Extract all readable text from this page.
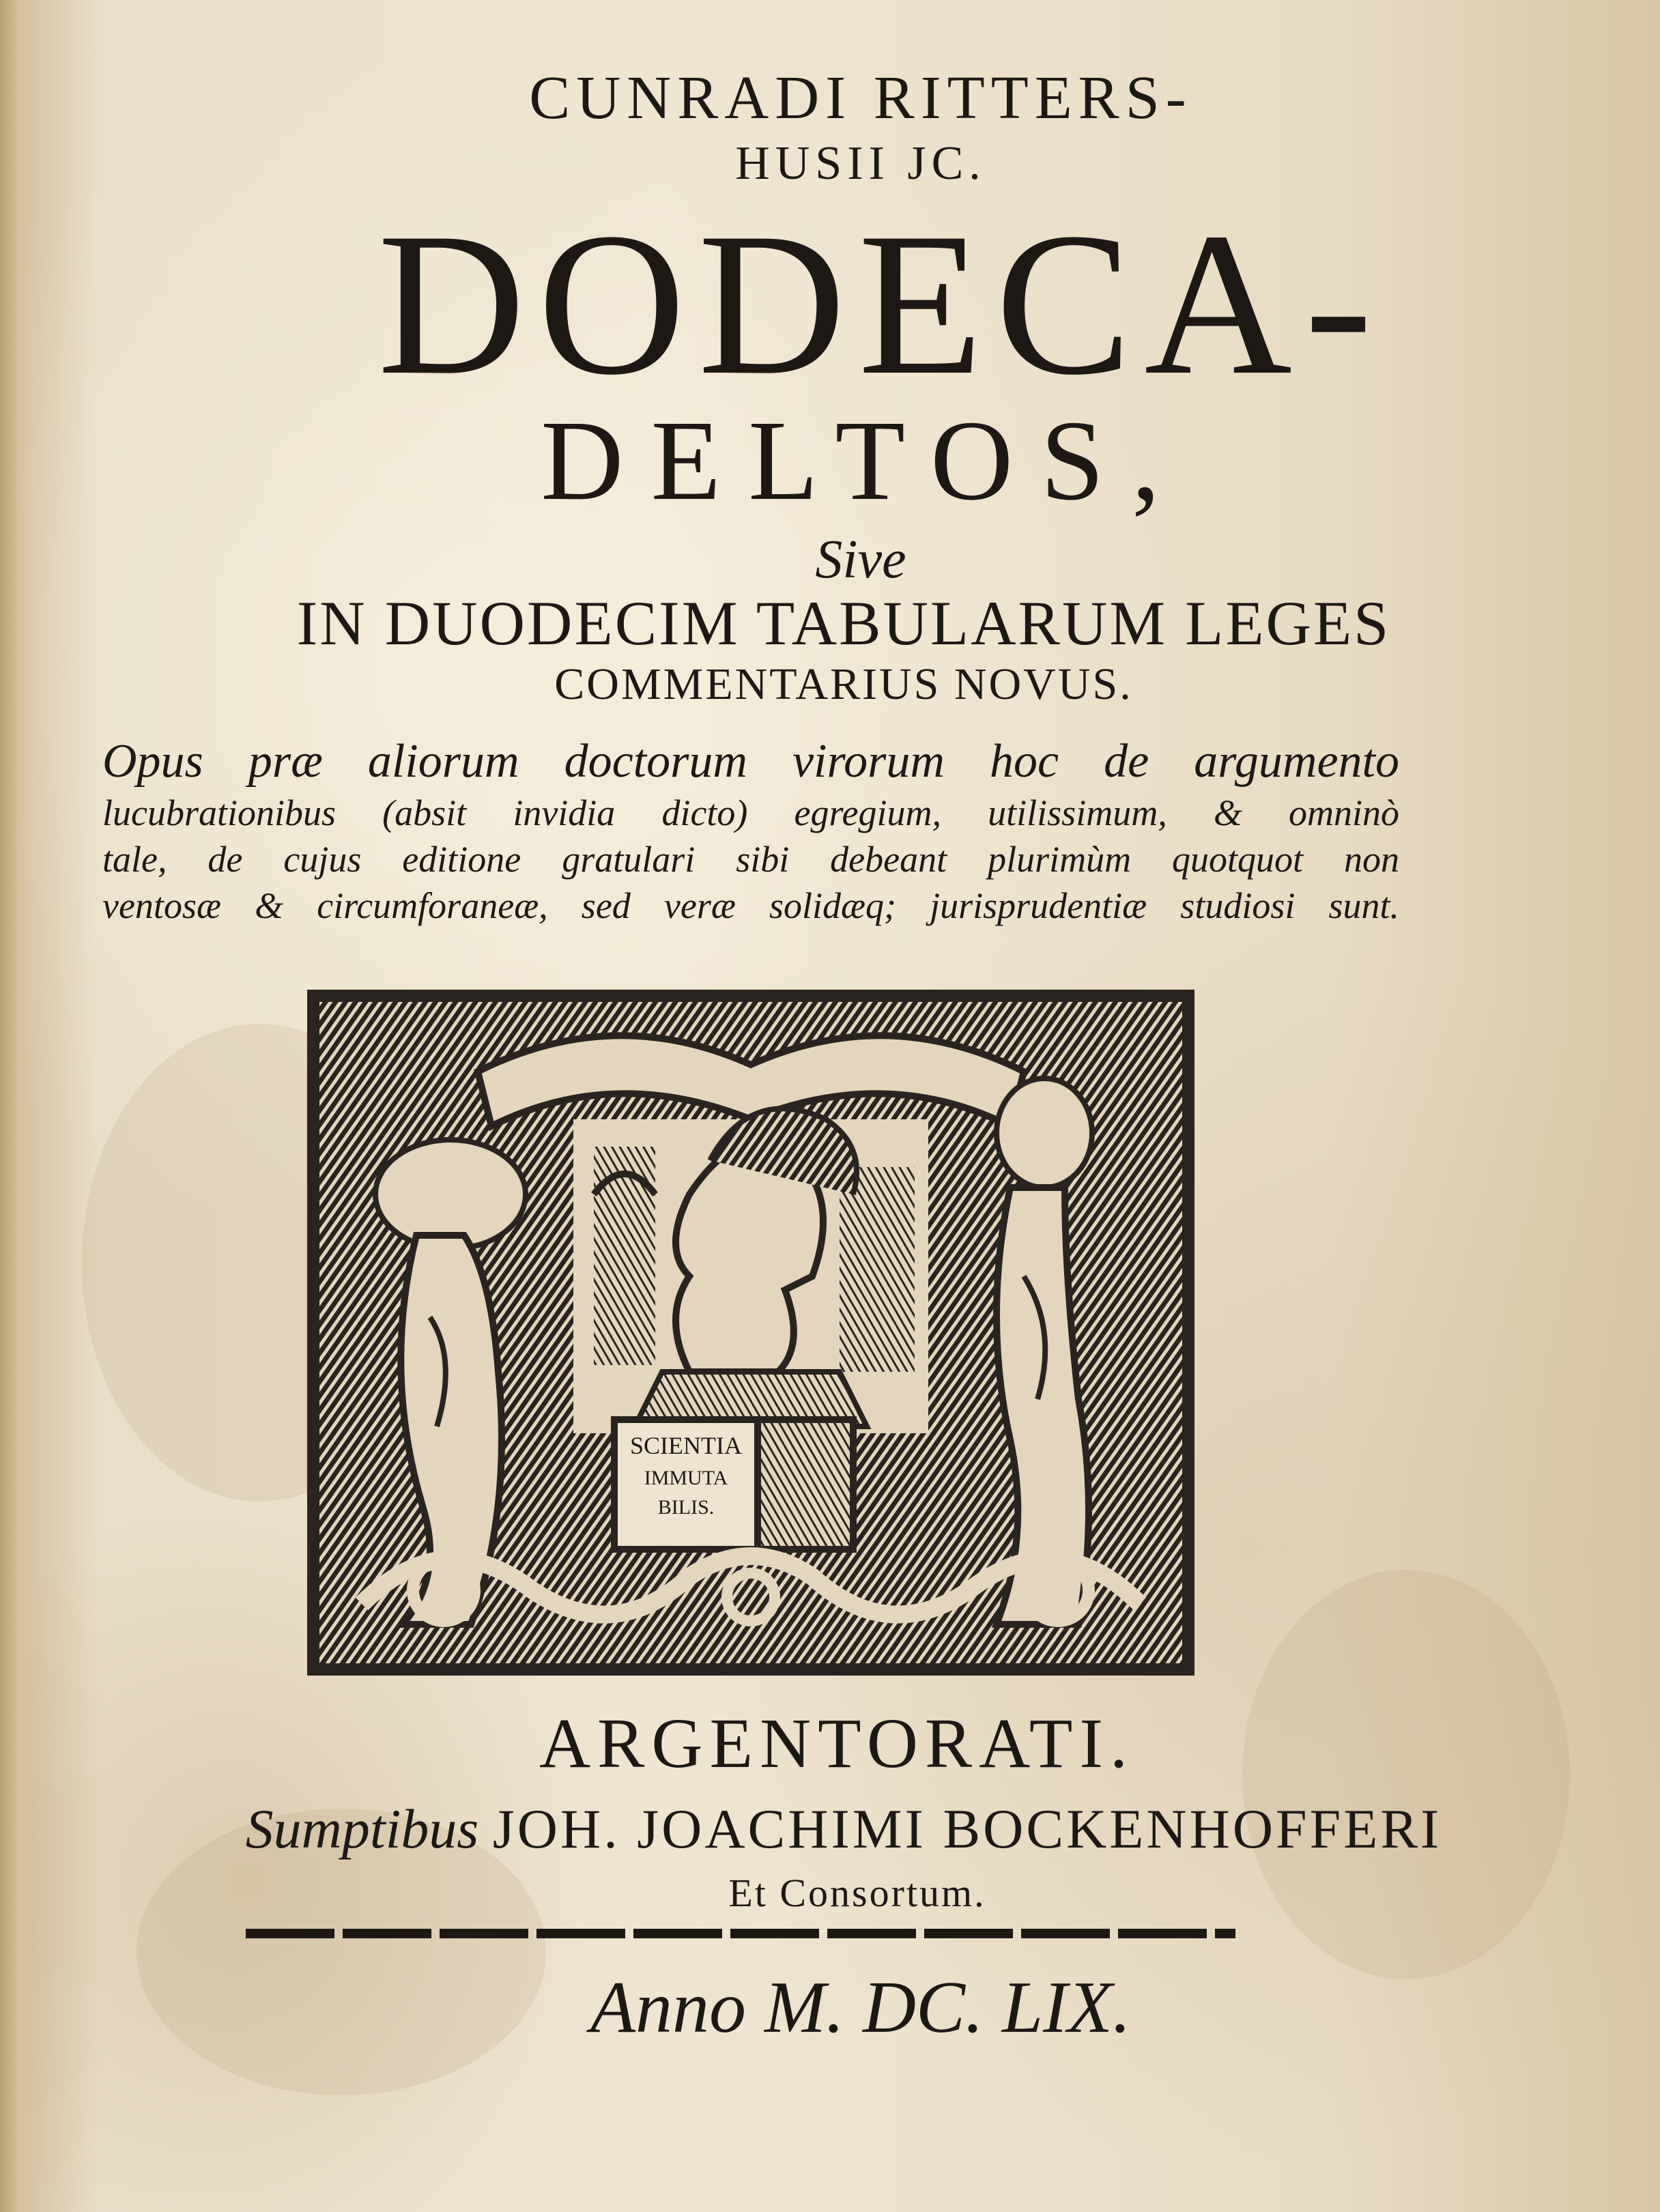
CUNRADI RITTERS-
HUSII JC.
DODECA-
DELTOS,
Sive
IN DUODECIM TABULARUM LEGES
COMMENTARIUS NOVUS.
Opus præ aliorum doctorum virorum hoc de argumento
lucubrationibus (absit invidia dicto) egregium, utilissimum, & omninò
tale, de cujus editione gratulari sibi debeant plurimùm quotquot non
ventosæ & circumforaneæ, sed veræ solidæq; jurisprudentiæ studiosi sunt.
SCIENTIA
IMMUTA
BILIS.
ARGENTORATI.
Sumptibus JOH. JOACHIMI BOCKENHOFFERI
Et Consortum.
Anno M. DC. LIX.
